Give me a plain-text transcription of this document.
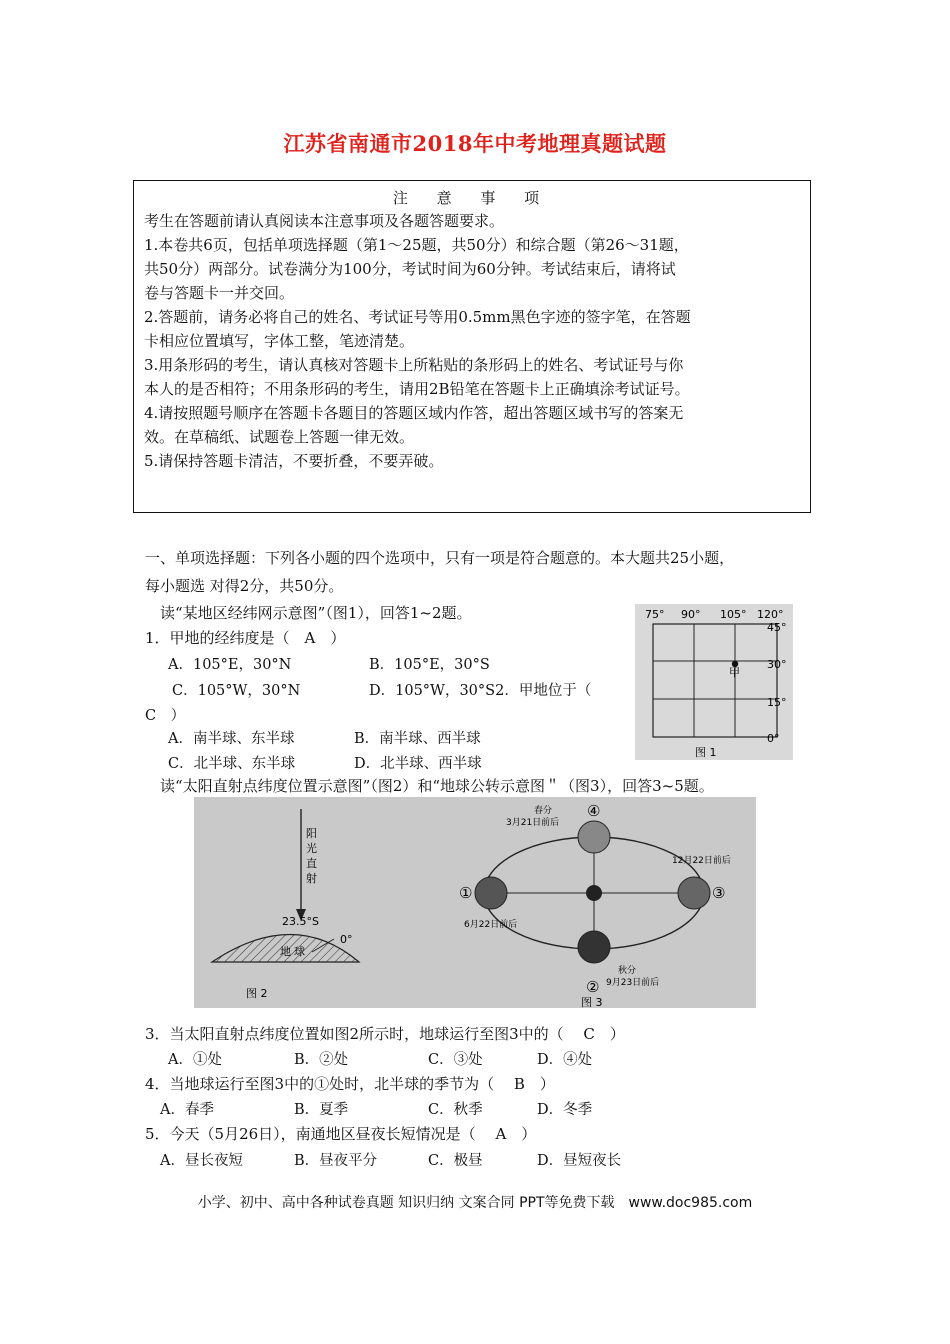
江苏省南通市2018年中考地理真题试题
注 意 事 项
考生在答题前请认真阅读本注意事项及各题答题要求。
1.本卷共6页，包括单项选择题（第1～25题，共50分）和综合题（第26～31题，
共50分）两部分。试卷满分为100分，考试时间为60分钟。考试结束后，请将试
卷与答题卡一并交回。
2.答题前，请务必将自己的姓名、考试证号等用0.5mm黑色字迹的签字笔，在答题
卡相应位置填写，字体工整，笔迹清楚。
3.用条形码的考生，请认真核对答题卡上所粘贴的条形码上的姓名、考试证号与你
本人的是否相符；不用条形码的考生，请用2B铅笔在答题卡上正确填涂考试证号。
4.请按照题号顺序在答题卡各题目的答题区域内作答，超出答题区域书写的答案无
效。在草稿纸、试题卷上答题一律无效。
5.请保持答题卡清洁，不要折叠，不要弄破。
一、单项选择题：下列各小题的四个选项中，只有一项是符合题意的。本大题共25小题，
每小题选 对得2分，共50分。
读“某地区经纬网示意图”（图1），回答1~2题。
1．甲地的经纬度是（　A　）
A．105°E，30°N	B．105°E，30°S
C．105°W，30°N	D．105°W，30°S2．甲地位于（
C　）
A．南半球、东半球	B．南半球、西半球
C．北半球、东半球	D．北半球、西半球
75° 90° 105° 120°
45°
30°
15°
0°
甲
图 1
读“太阳直射点纬度位置示意图”（图2）和“地球公转示意图＂（图3），回答3~5题。
阳
光
直
射
23.5°S
地 球
0°
图 2
④
①
②
③
春分
3月21日前后
12月22日前后
6月22日前后
秋分
9月23日前后
图 3
3．当太阳直射点纬度位置如图2所示时，地球运行至图3中的（　 C　）
A．①处	B．②处	C．③处	D．④处
4．当地球运行至图3中的①处时，北半球的季节为（　 B　）
A．春季	B．夏季	C．秋季	D．冬季
5．今天（5月26日），南通地区昼夜长短情况是（　 A　）
A．昼长夜短	B．昼夜平分	C．极昼	D．昼短夜长
小学、初中、高中各种试卷真题 知识归纳 文案合同 PPT等免费下载　www.doc985.com
